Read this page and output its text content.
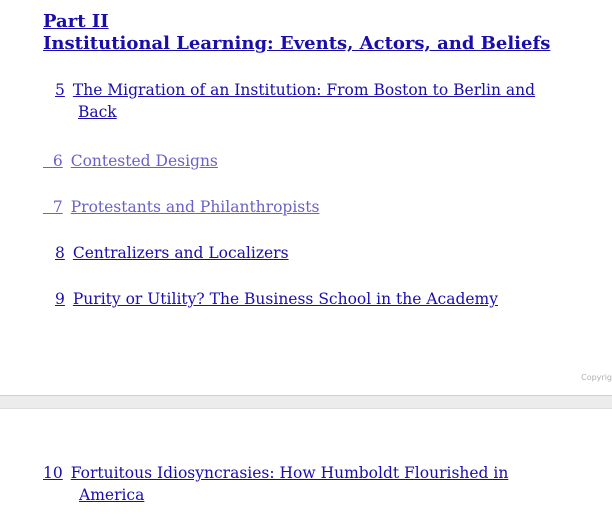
Part II
Institutional Learning: Events, Actors, and Beliefs
5 The Migration of an Institution: From Boston to Berlin and
Back
6 Contested Designs
7 Protestants and Philanthropists
8 Centralizers and Localizers
9 Purity or Utility? The Business School in the Academy
Copyrig
10 Fortuitous Idiosyncrasies: How Humboldt Flourished in
America
